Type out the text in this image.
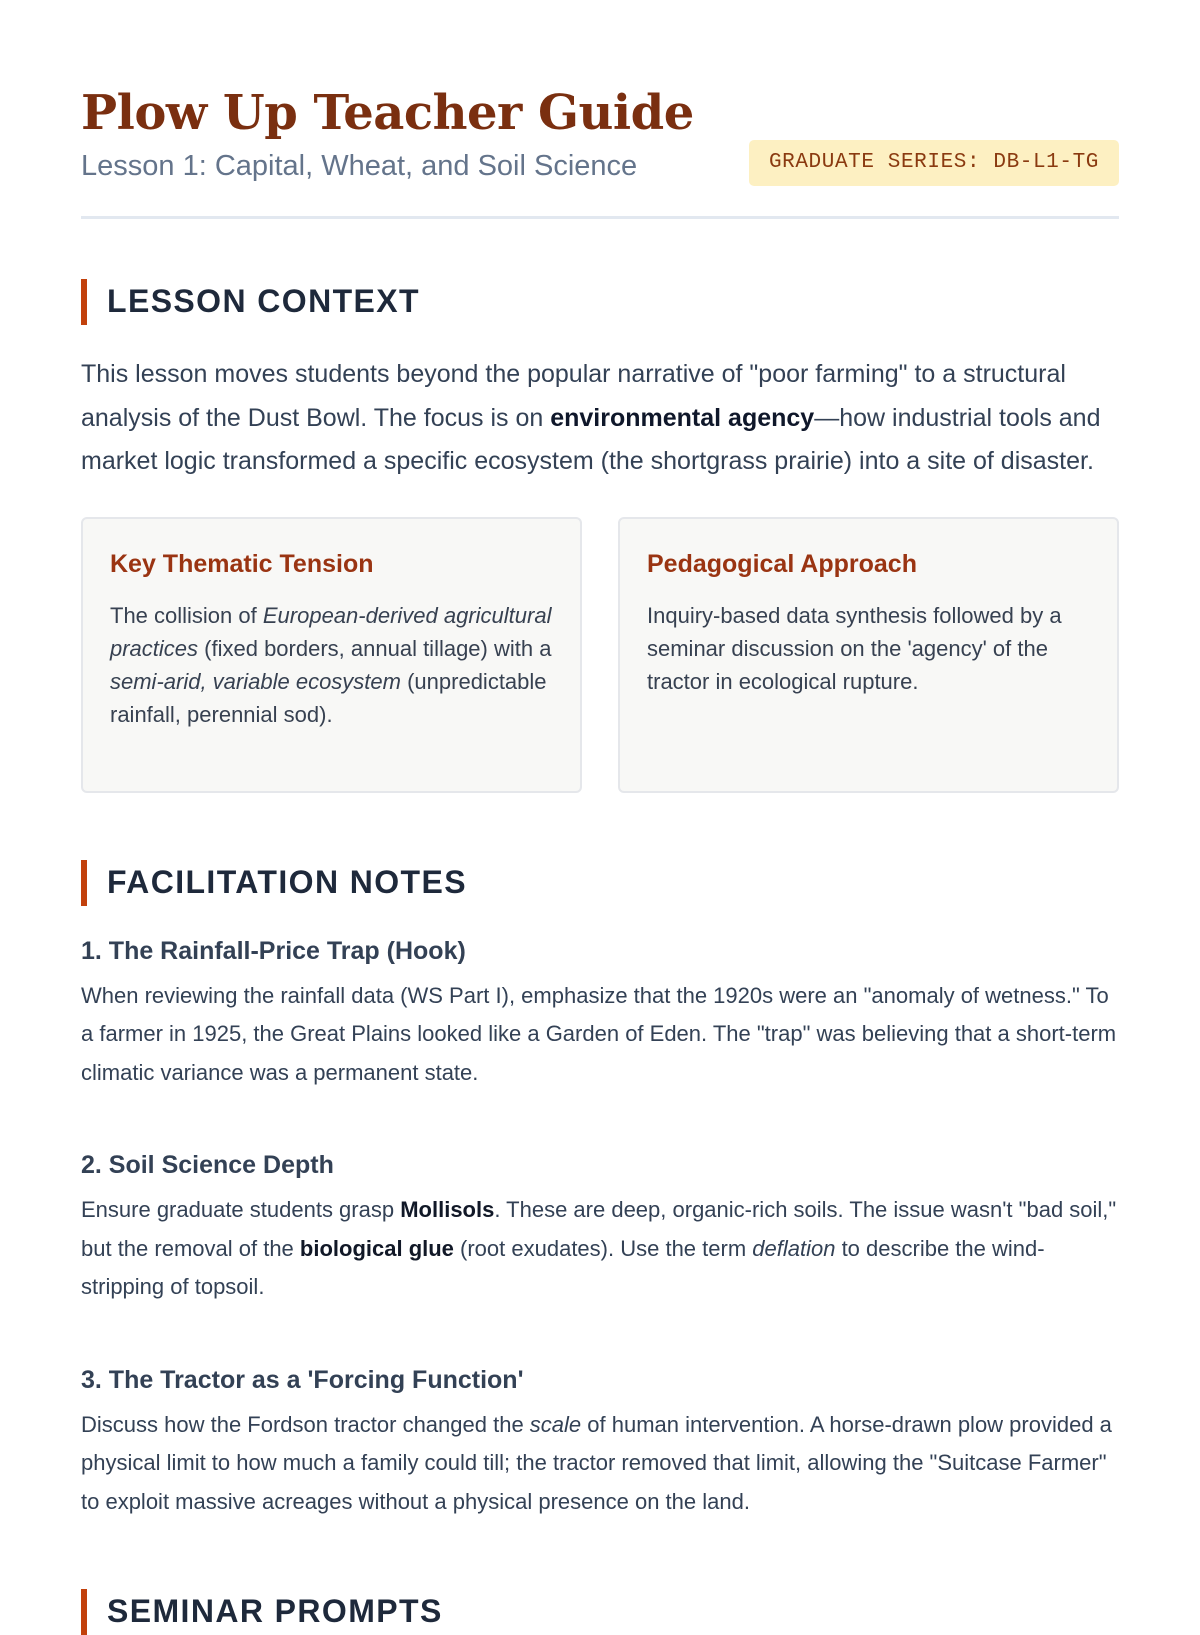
Plow Up Teacher Guide

Lesson 1: Capital, Wheat, and Soil Science	GRADUATE SERIES: DB-L1-TG
LESSON CONTEXT

This lesson moves students beyond the popular narrative of "poor farming" to a structural analysis of the Dust Bowl. The focus is on environmental agency—how industrial tools and market logic transformed a specific ecosystem (the shortgrass prairie) into a site of disaster.

Key Thematic Tension

The collision of European-derived agricultural practices (fixed borders, annual tillage) with a semi-arid, variable ecosystem (unpredictable rainfall, perennial sod).

Pedagogical Approach

Inquiry-based data synthesis followed by a seminar discussion on the 'agency' of the tractor in ecological rupture.

FACILITATION NOTES
1. The Rainfall-Price Trap (Hook)

When reviewing the rainfall data (WS Part I), emphasize that the 1920s were an "anomaly of wetness." To a farmer in 1925, the Great Plains looked like a Garden of Eden. The "trap" was believing that a short-term climatic variance was a permanent state.

2. Soil Science Depth

Ensure graduate students grasp Mollisols. These are deep, organic-rich soils. The issue wasn't "bad soil," but the removal of the biological glue (root exudates). Use the term deflation to describe the wind-stripping of topsoil.

3. The Tractor as a 'Forcing Function'

Discuss how the Fordson tractor changed the scale of human intervention. A horse-drawn plow provided a physical limit to how much a family could till; the tractor removed that limit, allowing the "Suitcase Farmer" to exploit massive acreages without a physical presence on the land.

SEMINAR PROMPTS
